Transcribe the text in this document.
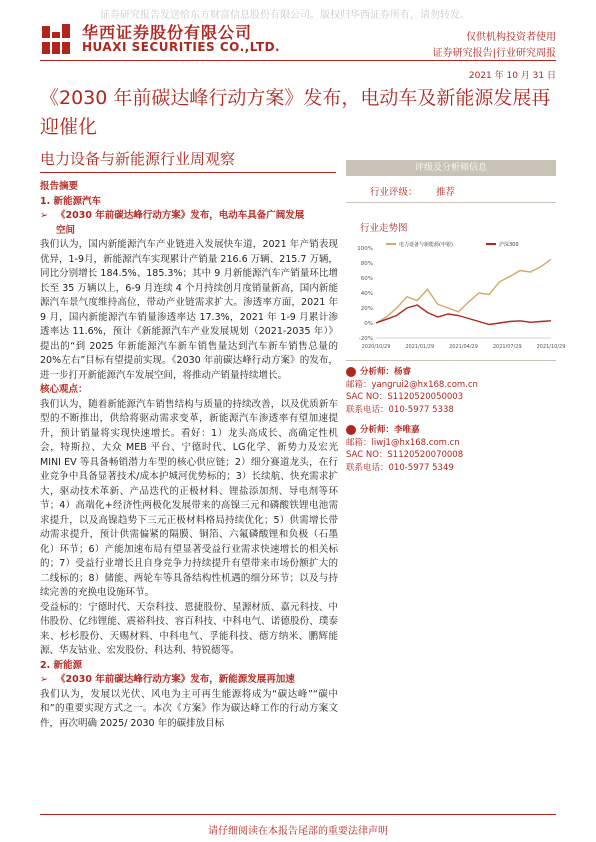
证券研究报告发送给东方财富信息股份有限公司。版权归华西证券所有，请勿转发。
华西证券股份有限公司
HUAXI SECURITIES CO.,LTD.
仅供机构投资者使用
证券研究报告|行业研究周报
2021 年 10 月 31 日
《2030 年前碳达峰行动方案》发布，电动车及新能源发展再迎催化
电力设备与新能源行业周观察
报告摘要
1. 新能源汽车
➢ 《2030 年前碳达峰行动方案》发布，电动车具备广阔发展
空间
我们认为，国内新能源汽车产业链进入发展快车道，2021 年产销表现优异，1-9月，新能源汽车实现累计产销量 216.6 万辆、215.7 万辆，同比分别增长 184.5%、185.3%；其中 9 月新能源汽车产销量环比增长至 35 万辆以上，6-9 月连续 4 个月持续创月度销量新高，国内新能源汽车景气度维持高位，带动产业链需求扩大。渗透率方面，2021 年 9 月，国内新能源汽车销量渗透率达 17.3%，2021 年 1-9 月累计渗透率达 11.6%，预计《新能源汽车产业发展规划（2021-2035 年）》提出的“到 2025 年新能源汽车新车销售量达到汽车新车销售总量的 20%左右”目标有望提前实现。《2030 年前碳达峰行动方案》的发布，进一步打开新能源汽车发展空间，将推动产销量持续增长。
核心观点：
我们认为，随着新能源汽车销售结构与质量的持续改善，以及优质新车型的不断推出，供给将驱动需求变革，新能源汽车渗透率有望加速提升，预计销量将实现快速增长。看好：1）龙头高成长、高确定性机会，特斯拉、大众 MEB 平台、宁德时代、LG化学、新势力及宏光 MINI EV 等具备畅销潜力车型的核心供应链；2）细分赛道龙头，在行业竞争中具备显著技术/成本护城河优势标的；3）长续航、快充需求扩大，驱动技术革新、产品迭代的正极材料、锂盐添加剂、导电剂等环节；4）高端化+经济性两极化发展带来的高镍三元和磷酸铁锂电池需求提升，以及高镍趋势下三元正极材料格局持续优化；5）供需增长带动需求提升，预计供需偏紧的隔膜、铜箔、六氟磷酸锂和负极（石墨化）环节；6）产能加速布局有望显著受益行业需求快速增长的相关标的；7）受益行业增长且自身竞争力持续提升有望带来市场份额扩大的二线标的；8）储能、两轮车等具备结构性机遇的细分环节；以及与持续完善的充换电设施环节。
受益标的：宁德时代、天奈科技、恩捷股份、星源材质、嘉元科技、中伟股份、亿纬锂能、震裕科技、容百科技、中科电气、诺德股份、璞泰来、杉杉股份、天赐材料、中科电气、孚能科技、德方纳米、鹏辉能源、华友钴业、宏发股份、科达利、特锐德等。
2. 新能源
➢ 《2030 年前碳达峰行动方案》发布，新能源发展再加速
我们认为，发展以光伏、风电为主可再生能源将成为“碳达峰”“碳中和”的重要实现方式之一。本次《方案》作为碳达峰工作的行动方案文件，再次明确 2025/ 2030 年的碳排放目标
评级及分析师信息
行业评级： 推荐
行业走势图
100%
80%
60%
40%
20%
0%
-20%
2020/10/29	2021/01/29	2021/04/29	2021/07/29	2021/10/29
电力设备与新能源(申银)	沪深300
分析师：杨睿
邮箱：yangrui2@hx168.com.cn
SAC NO：S1120520050003
联系电话：010-5977 5338
分析师：李唯嘉
邮箱：liwj1@hx168.com.cn
SAC NO：S1120520070008
联系电话：010-5977 5349
请仔细阅读在本报告尾部的重要法律声明
